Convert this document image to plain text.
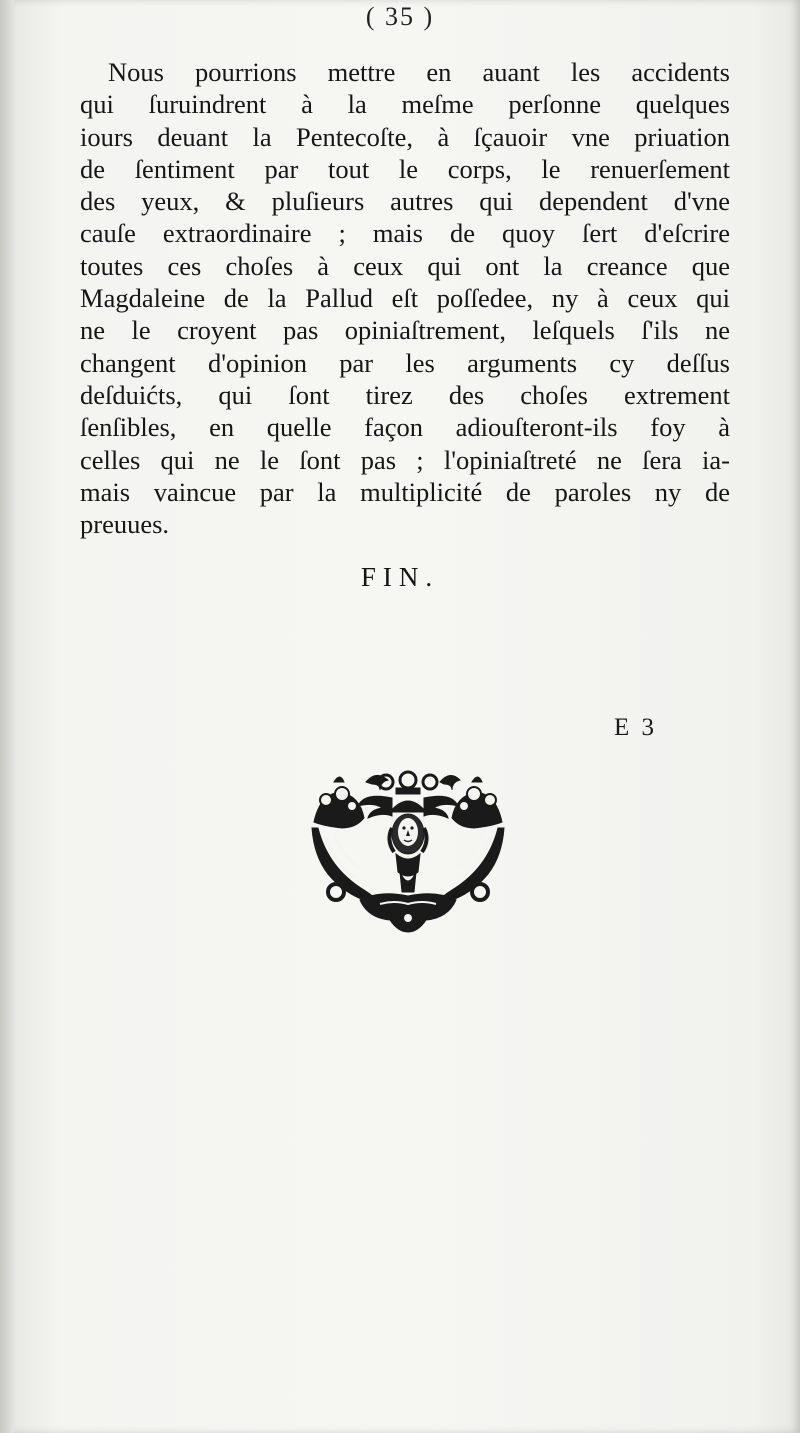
( 35 )
Nous pourrions mettre en auant les accidents
qui ſuruindrent à la meſme perſonne quelques
iours deuant la Pentecoſte, à ſçauoir vne priuation
de ſentiment par tout le corps, le renuerſement
des yeux, & pluſieurs autres qui dependent d'vne
cauſe extraordinaire ; mais de quoy ſert d'eſcrire
toutes ces choſes à ceux qui ont la creance que
Magdaleine de la Pallud eſt poſſedee, ny à ceux qui
ne le croyent pas opiniaſtrement, leſquels ſ'ils ne
changent d'opinion par les arguments cy deſſus
deſduićts, qui ſont tirez des choſes extrement
ſenſibles, en quelle façon adiouſteront-ils foy à
celles qui ne le ſont pas ; l'opiniaſtreté ne ſera ia-
mais vaincue par la multiplicité de paroles ny de
preuues.
FIN.
E 3
